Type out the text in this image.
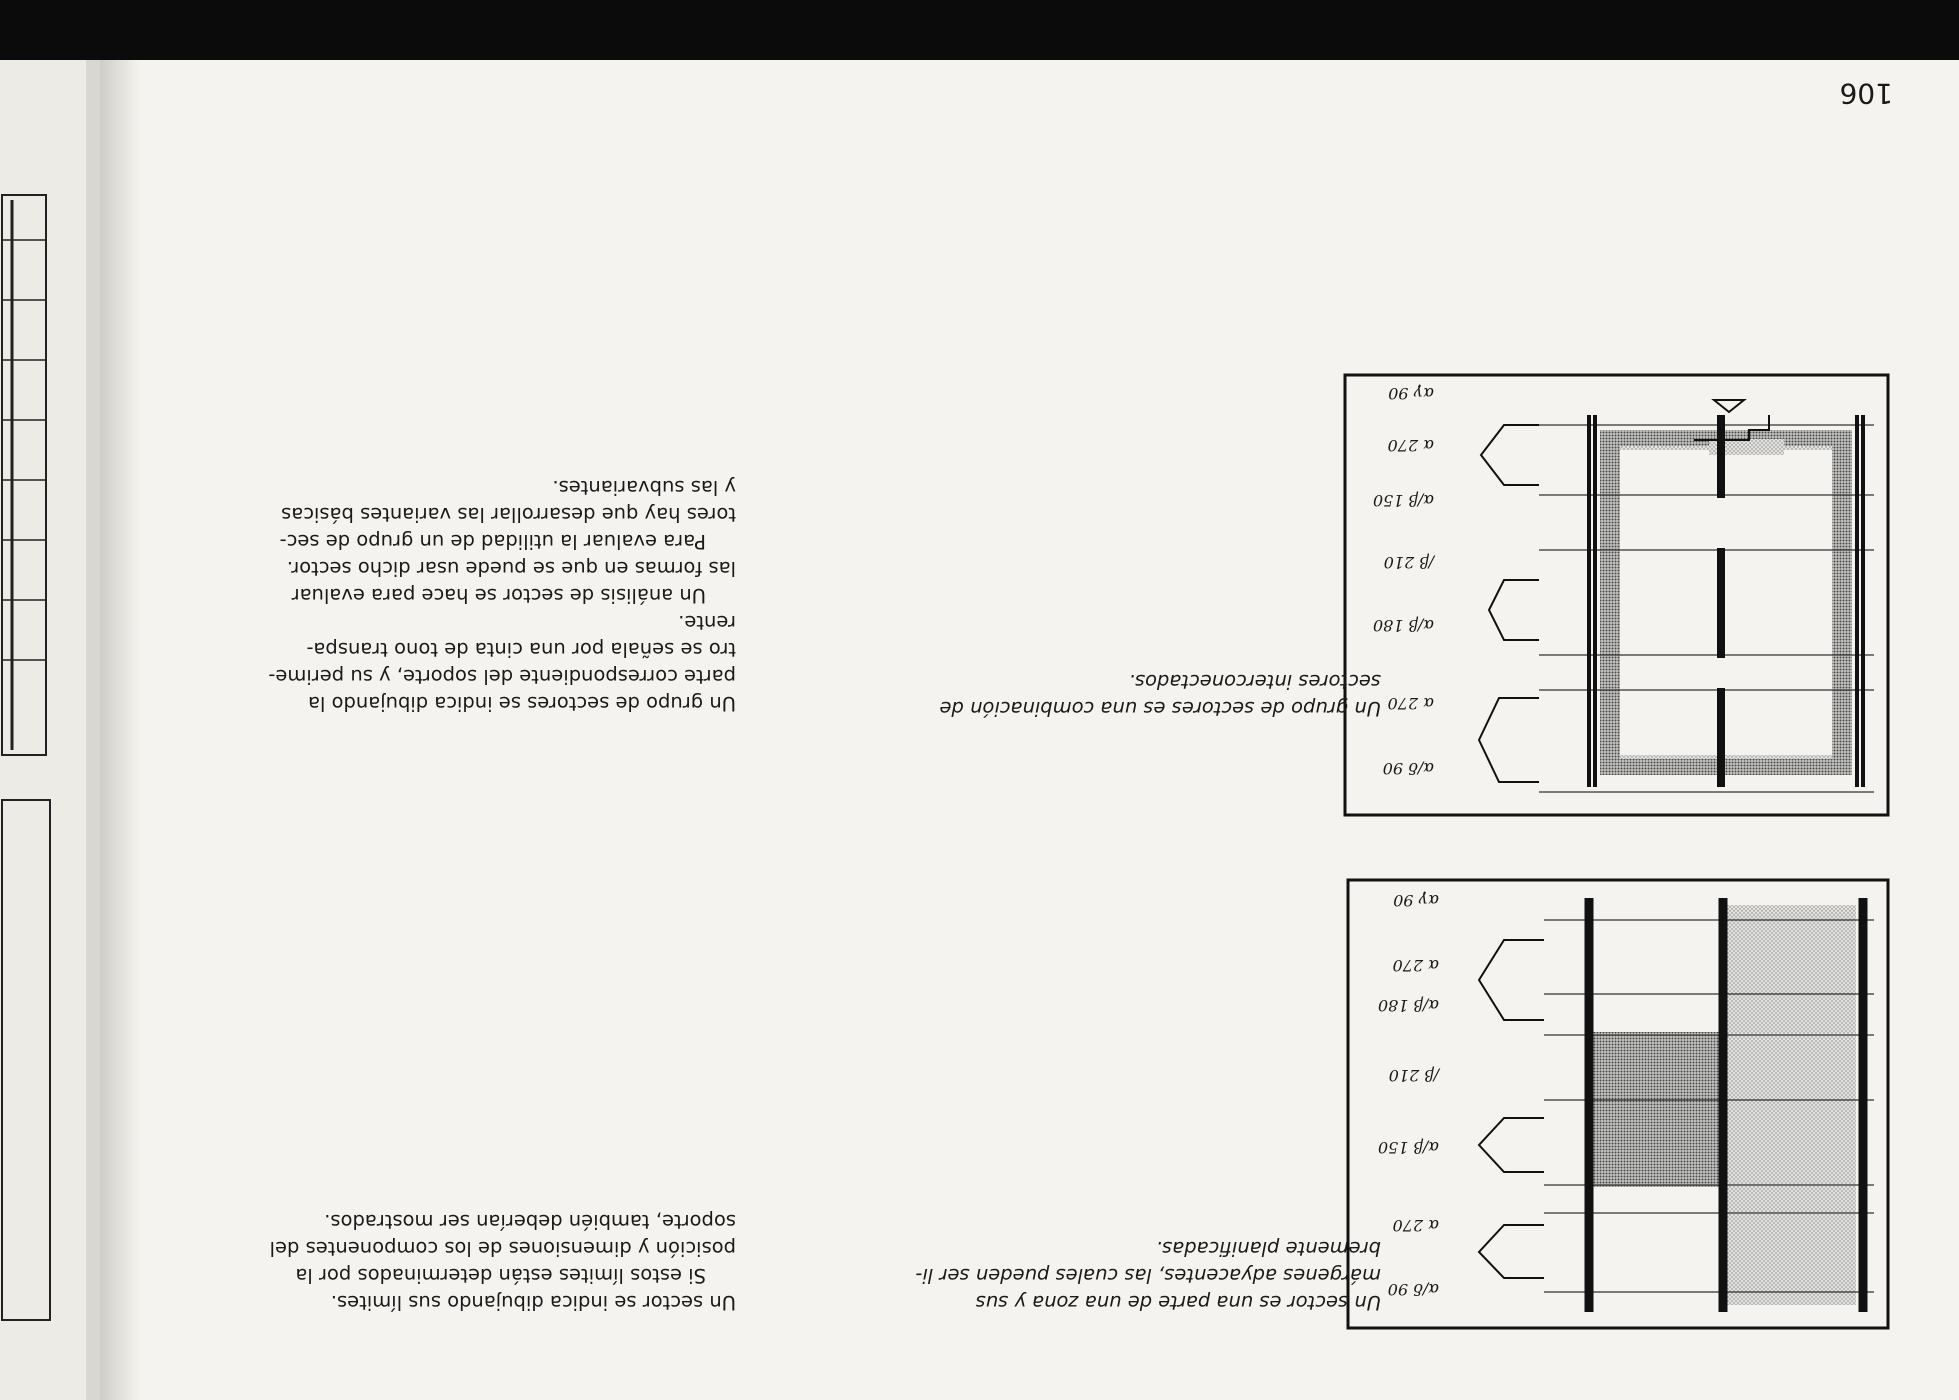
106
α/δ 90
α 270
α/β 150
/β 210
α/β 180
α 270
αγ 90
α/δ 90
α 270
α/β 180
/β 210
α/β 150
α 270
αγ 90
Un sector es una parte de una zona y sus
márgenes adyacentes, las cuales pueden ser li-
bremente planificadas.
Un grupo de sectores es una combinación de
sectores interconectados.
Un sector se indica dibujando sus límites.
Si estos límites están determinados por la
posición y dimensiones de los componentes del
soporte, también deberían ser mostrados.
Un grupo de sectores se indica dibujando la
parte correspondiente del soporte, y su perime-
tro se señala por una cinta de tono transpa-
rente.
Un análisis de sector se hace para evaluar
las formas en que se puede usar dicho sector.
Para evaluar la utilidad de un grupo de sec-
tores hay que desarrollar las variantes básicas
y las subvariantes.
